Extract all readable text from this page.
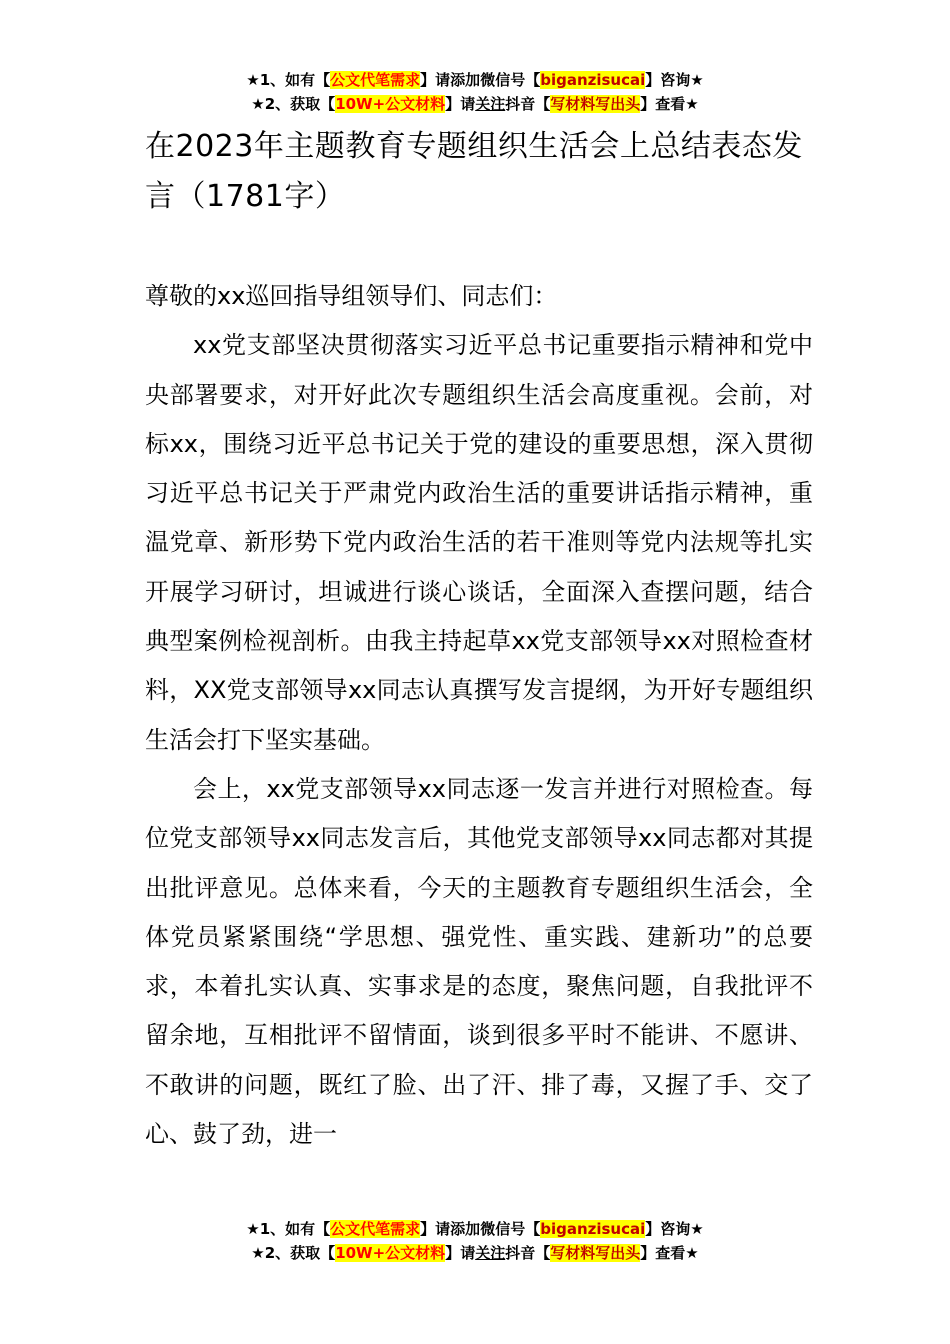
★1、如有【公文代笔需求】请添加微信号【biganzisucai】咨询★
★2、获取【10W+公文材料】请关注抖音【写材料写出头】查看★
在2023年主题教育专题组织生活会上总结表态发言（1781字）

尊敬的xx巡回指导组领导们、同志们：

xx党支部坚决贯彻落实习近平总书记重要指示精神和党中央部署要求，对开好此次专题组织生活会高度重视。会前，对标xx，围绕习近平总书记关于党的建设的重要思想，深入贯彻习近平总书记关于严肃党内政治生活的重要讲话指示精神，重温党章、新形势下党内政治生活的若干准则等党内法规等扎实开展学习研讨，坦诚进行谈心谈话，全面深入查摆问题，结合典型案例检视剖析。由我主持起草xx党支部领导xx对照检查材料，XX党支部领导xx同志认真撰写发言提纲，为开好专题组织生活会打下坚实基础。

会上，xx党支部领导xx同志逐一发言并进行对照检查。每位党支部领导xx同志发言后，其他党支部领导xx同志都对其提出批评意见。总体来看，今天的主题教育专题组织生活会，全体党员紧紧围绕“学思想、强党性、重实践、建新功”的总要求，本着扎实认真、实事求是的态度，聚焦问题，自我批评不留余地，互相批评不留情面，谈到很多平时不能讲、不愿讲、不敢讲的问题，既红了脸、出了汗、排了毒，又握了手、交了心、鼓了劲，进一

★1、如有【公文代笔需求】请添加微信号【biganzisucai】咨询★
★2、获取【10W+公文材料】请关注抖音【写材料写出头】查看★
